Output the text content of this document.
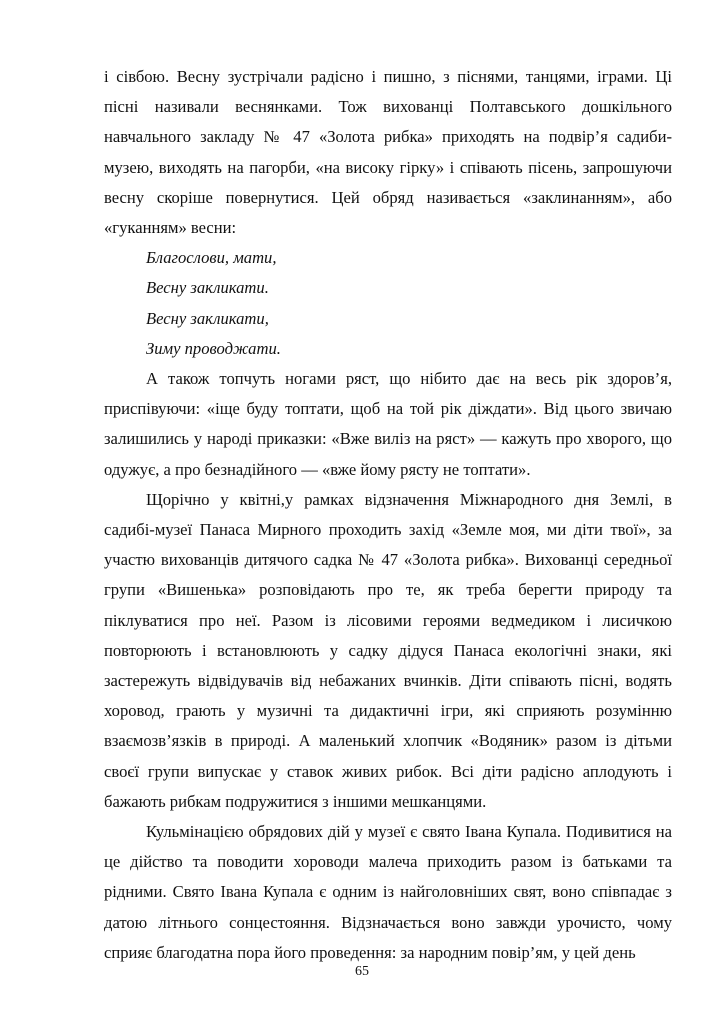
і сівбою. Весну зустрічали радісно і пишно, з піснями, танцями, іграми. Ці пісні називали веснянками. Тож вихованці Полтавського дошкільного навчального закладу № 47 «Золота рибка» приходять на подвір’я садиби-музею, виходять на пагорби, «на високу гірку» і співають пісень, запрошуючи весну скоріше повернутися. Цей обряд називається «заклинанням», або «гуканням» весни:

Благослови, мати,

Весну закликати.

Весну закликати,

Зиму проводжати.

А також топчуть ногами ряст, що нібито дає на весь рік здоров’я, приспівуючи: «іще буду топтати, щоб на той рік діждати». Від цього звичаю залишились у народі приказки: «Вже виліз на ряст» — кажуть про хворого, що одужує, а про безнадійного — «вже йому рясту не топтати».

Щорічно у квітні,у рамках відзначення Міжнародного дня Землі, в садибі-музеї Панаса Мирного проходить захід «Земле моя, ми діти твої», за участю вихованців дитячого садка № 47 «Золота рибка». Вихованці середньої групи «Вишенька» розповідають про те, як треба берегти природу та піклуватися про неї. Разом із лісовими героями ведмедиком і лисичкою повторюють і встановлюють у садку дідуся Панаса екологічні знаки, які застережуть відвідувачів від небажаних вчинків. Діти співають пісні, водять хоровод, грають у музичні та дидактичні ігри, які сприяють розумінню взаємозв’язків в природі. А маленький хлопчик «Водяник» разом із дітьми своєї групи випускає у ставок живих рибок. Всі діти радісно аплодують і бажають рибкам подружитися з іншими мешканцями.

Кульмінацією обрядових дій у музеї є свято Івана Купала. Подивитися на це дійство та поводити хороводи малеча приходить разом із батьками та рідними. Свято Івана Купала є одним із найголовніших свят, воно співпадає з датою літнього сонцестояння. Відзначається воно завжди урочисто, чому сприяє благодатна пора його проведення: за народним повір’ям, у цей день

65
